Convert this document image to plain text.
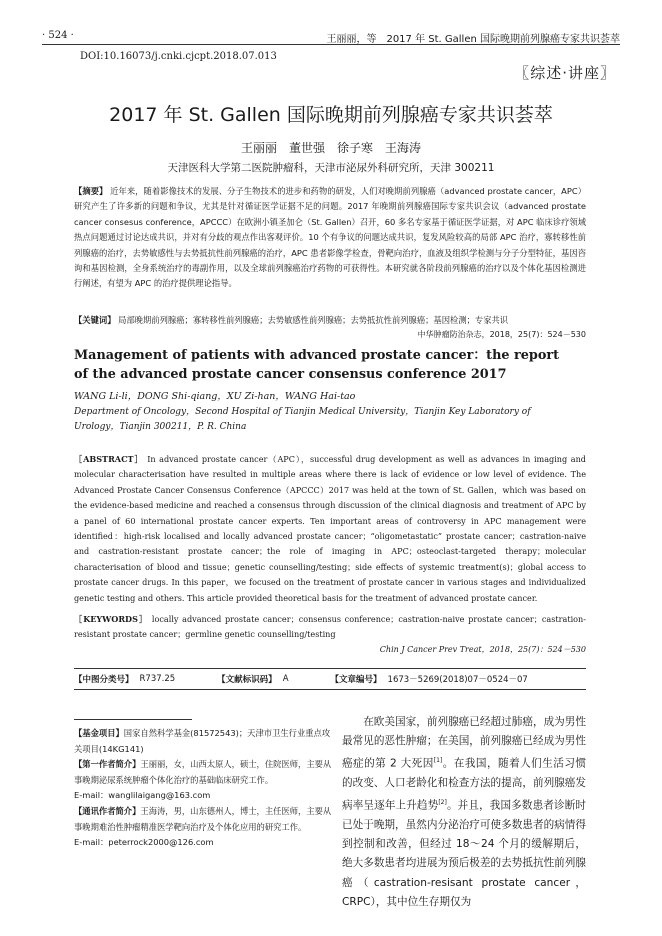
· 524 ·	王丽丽，等　2017 年 St. Gallen 国际晚期前列腺癌专家共识荟萃
DOI:10.16073/j.cnki.cjcpt.2018.07.013
〖综述·讲座〗
2017 年 St. Gallen 国际晚期前列腺癌专家共识荟萃
王丽丽　董世强　徐子寒　王海涛
天津医科大学第二医院肿瘤科，天津市泌尿外科研究所，天津 300211
【摘要】 近年来，随着影像技术的发展、分子生物技术的进步和药物的研发，人们对晚期前列腺癌（advanced prostate cancer，APC）研究产生了许多新的问题和争议，尤其是针对循证医学证据不足的问题。2017 年晚期前列腺癌国际专家共识会议（advanced prostate cancer consesus conference，APCCC）在欧洲小镇圣加仑（St. Gallen）召开，60 多名专家基于循证医学证据，对 APC 临床诊疗领域热点问题通过讨论达成共识，并对有分歧的观点作出客观评价。10 个有争议的问题达成共识，复发风险较高的局部 APC 治疗，寡转移性前列腺癌的治疗，去势敏感性与去势抵抗性前列腺癌的治疗，APC 患者影像学检查，骨靶向治疗，血液及组织学检测与分子分型特征，基因咨询和基因检测，全身系统治疗的毒副作用，以及全球前列腺癌治疗药物的可获得性。本研究就各阶段前列腺癌的治疗以及个体化基因检测进行阐述，有望为 APC 的治疗提供理论指导。
【关键词】 局部晚期前列腺癌；寡转移性前列腺癌；去势敏感性前列腺癌；去势抵抗性前列腺癌；基因检测；专家共识
中华肿瘤防治杂志，2018，25(7)：524－530
Management of patients with advanced prostate cancer：the report of the advanced prostate cancer consensus conference 2017
WANG Li-li，DONG Shi-qiang，XU Zi-han，WANG Hai-tao
Department of Oncology，Second Hospital of Tianjin Medical University，Tianjin Key Laboratory of Urology，Tianjin 300211，P. R. China
［ABSTRACT］ In advanced prostate cancer（APC），successful drug development as well as advances in imaging and molecular characterisation have resulted in multiple areas where there is lack of evidence or low level of evidence. The Advanced Prostate Cancer Consensus Conference（APCCC）2017 was held at the town of St. Gallen，which was based on the evidence-based medicine and reached a consensus through discussion of the clinical diagnosis and treatment of APC by a panel of 60 international prostate cancer experts. Ten important areas of controversy in APC management were identified：high-risk localised and locally advanced prostate cancer；“oligometastatic” prostate cancer；castration-naive and castration-resistant prostate cancer；the role of imaging in APC；osteoclast-targeted therapy；molecular characterisation of blood and tissue；genetic counselling/testing；side effects of systemic treatment(s)；global access to prostate cancer drugs. In this paper，we focused on the treatment of prostate cancer in various stages and individualized genetic testing and others. This article provided theoretical basis for the treatment of advanced prostate cancer.
［KEYWORDS］ locally advanced prostate cancer；consensus conference；castration-naive prostate cancer；castration-resistant prostate cancer；germline genetic counselling/testing
Chin J Cancer Prev Treat，2018，25(7)：524－530
【中图分类号】 R737.25	【文献标识码】 A	【文章编号】 1673－5269(2018)07－0524－07

【基金项目】国家自然科学基金(81572543)；天津市卫生行业重点攻关项目(14KG141)

【第一作者简介】王丽丽，女，山西太原人，硕士，住院医师，主要从事晚期泌尿系统肿瘤个体化治疗的基础临床研究工作。

E-mail：wanglilaigang@163.com

【通讯作者简介】王海涛，男，山东德州人，博士，主任医师，主要从事晚期难治性肿瘤精准医学靶向治疗及个体化应用的研究工作。

E-mail：peterrock2000@126.com

在欧美国家，前列腺癌已经超过肺癌，成为男性最常见的恶性肿瘤；在美国，前列腺癌已经成为男性癌症的第 2 大死因[1]。在我国，随着人们生活习惯的改变、人口老龄化和检查方法的提高，前列腺癌发病率呈逐年上升趋势[2]。并且，我国多数患者诊断时已处于晚期，虽然内分泌治疗可使多数患者的病情得到控制和改善，但经过 18～24 个月的缓解期后，绝大多数患者均进展为预后极差的去势抵抗性前列腺癌（castration-resisant prostate cancer，CRPC），其中位生存期仅为
